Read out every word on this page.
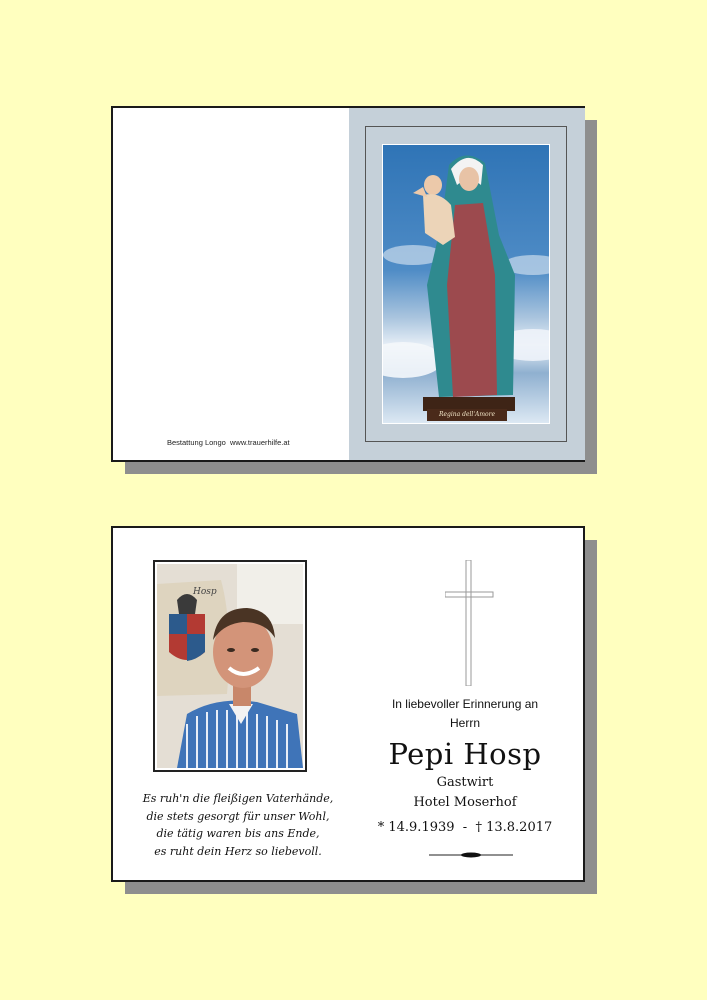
Bestattung Longo www.trauerhilfe.at
Regina dell'Amore
Hosp
Es ruh'n die fleißigen Vaterhände,
die stets gesorgt für unser Wohl,
die tätig waren bis ans Ende,
es ruht dein Herz so liebevoll.
In liebevoller Erinnerung an
Herrn
Pepi Hosp
Gastwirt
Hotel Moserhof
* 14.9.1939 - † 13.8.2017
